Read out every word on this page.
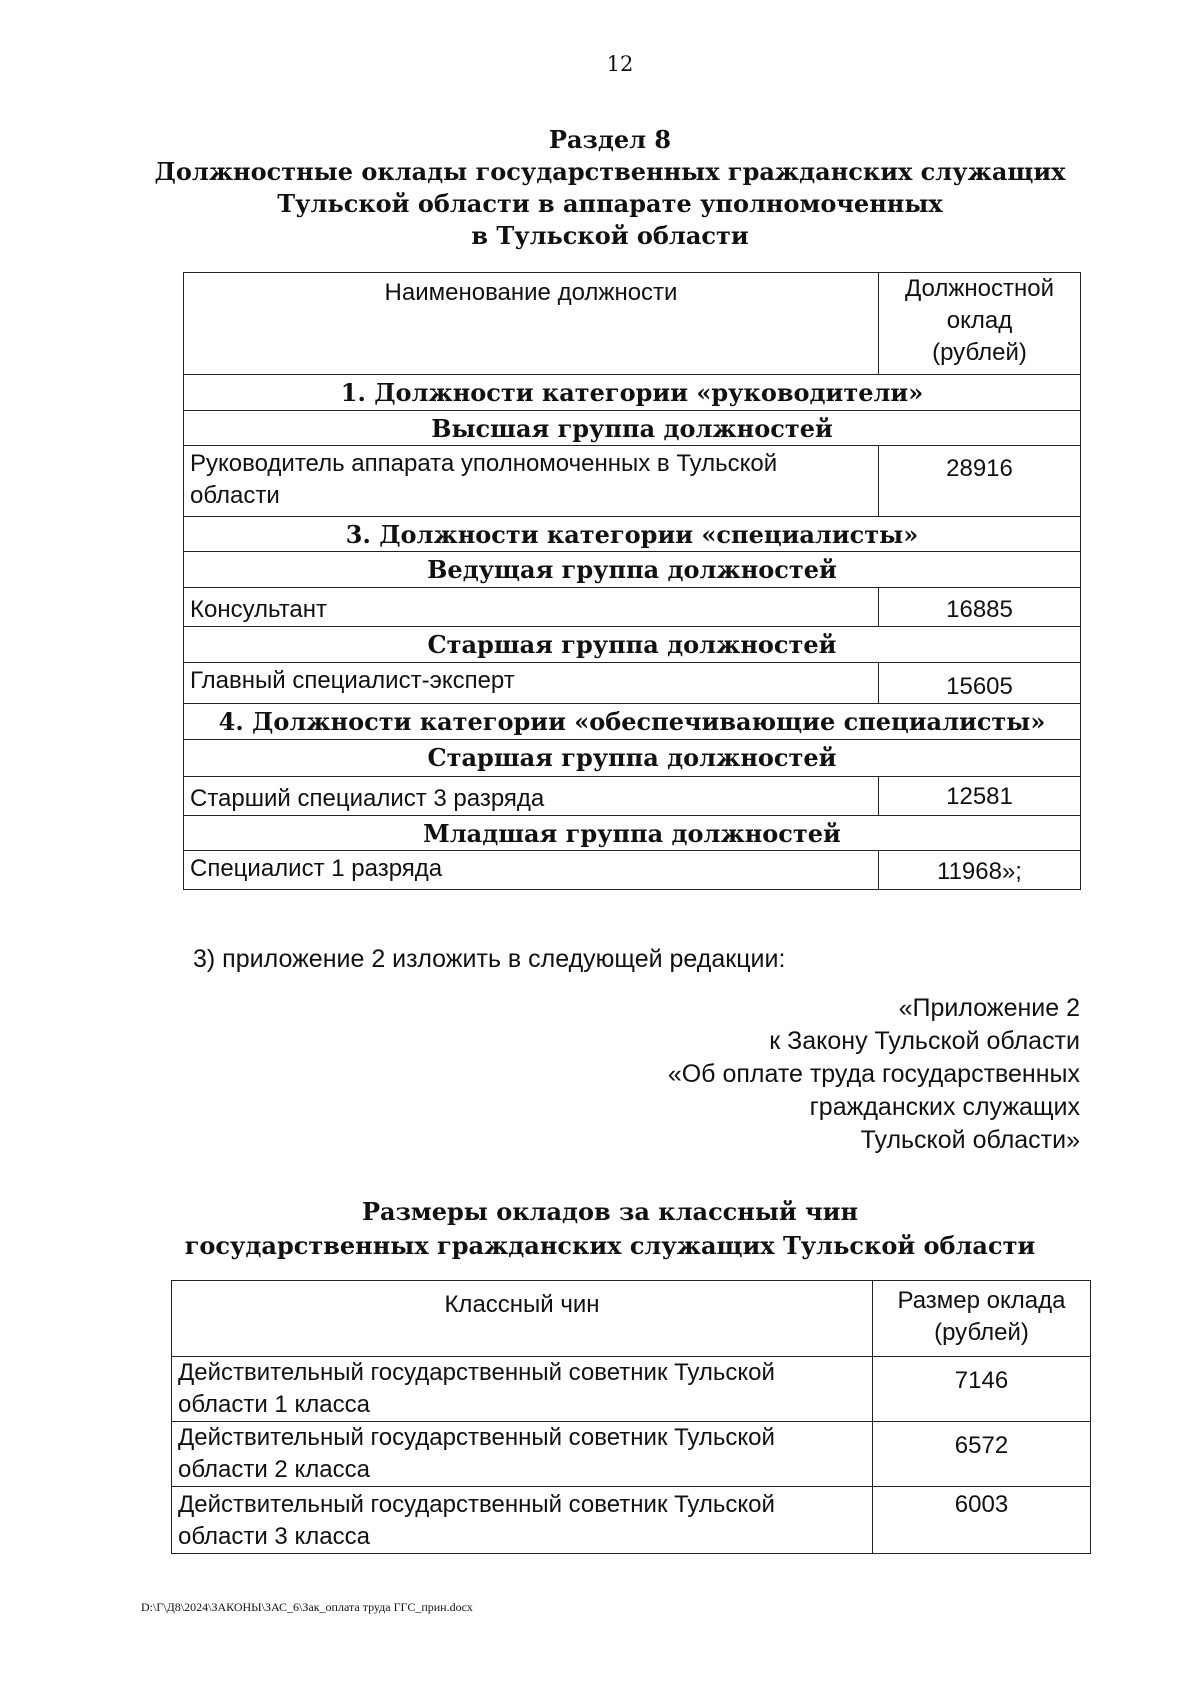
12
Раздел 8
Должностные оклады государственных гражданских служащих
Тульской области в аппарате уполномоченных
в Тульской области
Наименование должности	Должностной
оклад
(рублей)

1. Должности категории «руководители»	
Высшая группа должностей	
Руководитель аппарата уполномоченных в Тульской области	28916
3. Должности категории «специалисты»	
Ведущая группа должностей	
Консультант	16885
Старшая группа должностей	
Главный специалист-эксперт	15605
4. Должности категории «обеспечивающие специалисты»	
Старшая группа должностей	
Старший специалист 3 разряда	12581
Младшая группа должностей	
Специалист 1 разряда	11968»;
3) приложение 2 изложить в следующей редакции:
«Приложение 2
к Закону Тульской области
«Об оплате труда государственных
гражданских служащих
Тульской области»
Размеры окладов за классный чин
государственных гражданских служащих Тульской области
Классный чин	Размер оклада
(рублей)

Действительный государственный советник Тульской области 1 класса	7146
Действительный государственный советник Тульской области 2 класса	6572
Действительный государственный советник Тульской области 3 класса	6003
D:\Г\Д8\2024\ЗАКОНЫ\ЗАС_6\Зак_оплата труда ГГС_прин.docx
